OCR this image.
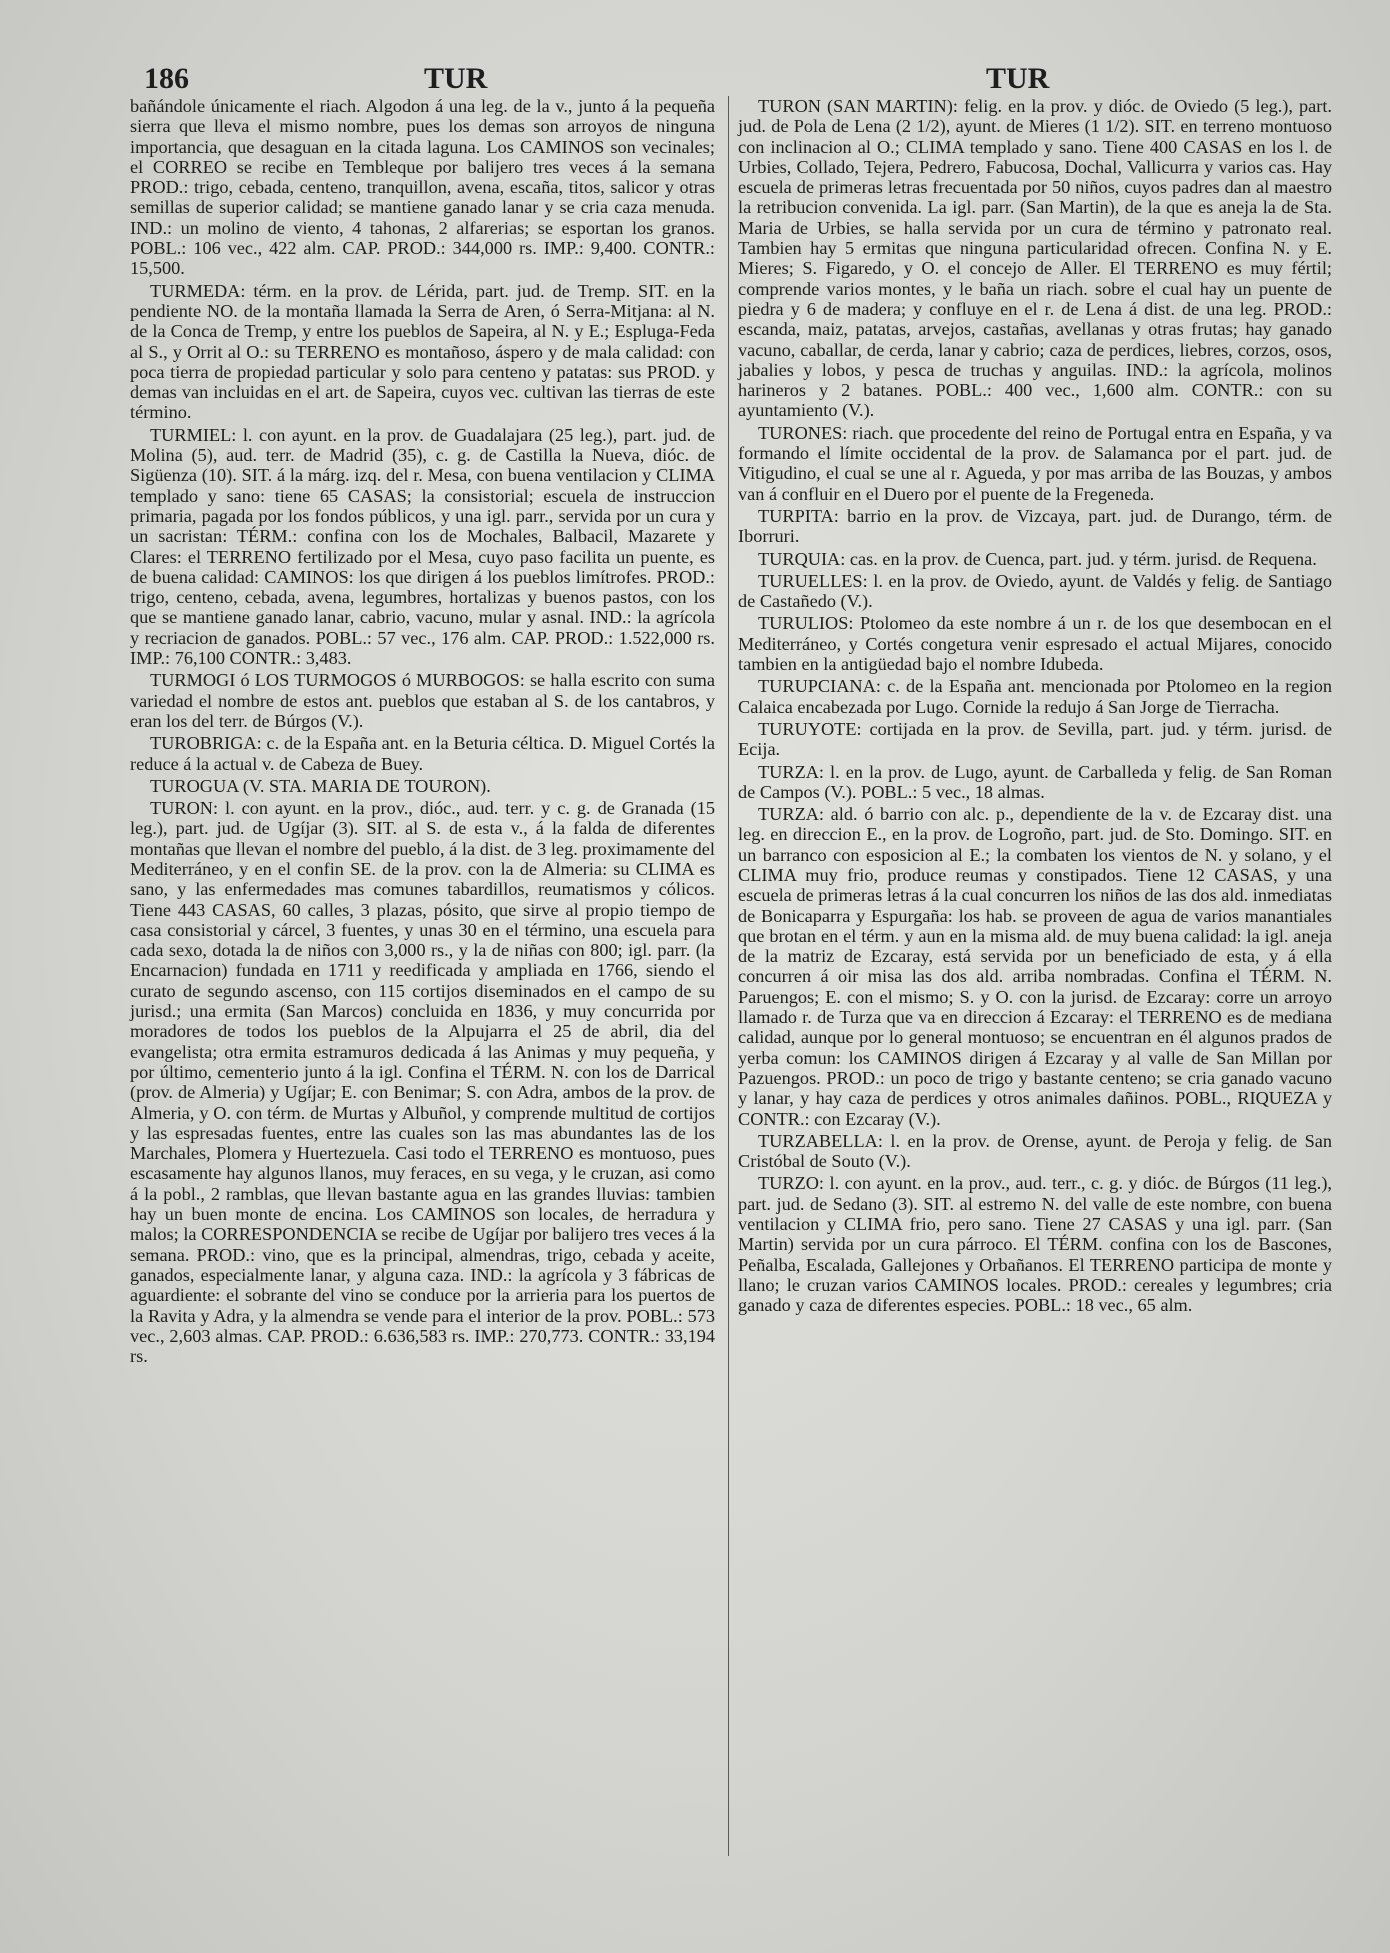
186	TUR	TUR

bañándole únicamente el riach. Algodon á una leg. de la v., junto á la pequeña sierra que lleva el mismo nombre, pues los demas son arroyos de ninguna importancia, que desaguan en la citada laguna. Los CAMINOS son vecinales; el CORREO se recibe en Tembleque por balijero tres veces á la semana PROD.: trigo, cebada, centeno, tranquillon, avena, escaña, titos, salicor y otras semillas de superior calidad; se mantiene ganado lanar y se cria caza menuda. IND.: un molino de viento, 4 tahonas, 2 alfarerias; se esportan los granos. POBL.: 106 vec., 422 alm. CAP. PROD.: 344,000 rs. IMP.: 9,400. CONTR.: 15,500.

TURMEDA: térm. en la prov. de Lérida, part. jud. de Tremp. SIT. en la pendiente NO. de la montaña llamada la Serra de Aren, ó Serra-Mitjana: al N. de la Conca de Tremp, y entre los pueblos de Sapeira, al N. y E.; Espluga-Feda al S., y Orrit al O.: su TERRENO es montañoso, áspero y de mala calidad: con poca tierra de propiedad particular y solo para centeno y patatas: sus PROD. y demas van incluidas en el art. de Sapeira, cuyos vec. cultivan las tierras de este término.

TURMIEL: l. con ayunt. en la prov. de Guadalajara (25 leg.), part. jud. de Molina (5), aud. terr. de Madrid (35), c. g. de Castilla la Nueva, dióc. de Sigüenza (10). SIT. á la márg. izq. del r. Mesa, con buena ventilacion y CLIMA templado y sano: tiene 65 CASAS; la consistorial; escuela de instruccion primaria, pagada por los fondos públicos, y una igl. parr., servida por un cura y un sacristan: TÉRM.: confina con los de Mochales, Balbacil, Mazarete y Clares: el TERRENO fertilizado por el Mesa, cuyo paso facilita un puente, es de buena calidad: CAMINOS: los que dirigen á los pueblos limítrofes. PROD.: trigo, centeno, cebada, avena, legumbres, hortalizas y buenos pastos, con los que se mantiene ganado lanar, cabrio, vacuno, mular y asnal. IND.: la agrícola y recriacion de ganados. POBL.: 57 vec., 176 alm. CAP. PROD.: 1.522,000 rs. IMP.: 76,100 CONTR.: 3,483.

TURMOGI ó LOS TURMOGOS ó MURBOGOS: se halla escrito con suma variedad el nombre de estos ant. pueblos que estaban al S. de los cantabros, y eran los del terr. de Búrgos (V.).

TUROBRIGA: c. de la España ant. en la Beturia céltica. D. Miguel Cortés la reduce á la actual v. de Cabeza de Buey.

TUROGUA (V. STA. MARIA DE TOURON).

TURON: l. con ayunt. en la prov., dióc., aud. terr. y c. g. de Granada (15 leg.), part. jud. de Ugíjar (3). SIT. al S. de esta v., á la falda de diferentes montañas que llevan el nombre del pueblo, á la dist. de 3 leg. proximamente del Mediterráneo, y en el confin SE. de la prov. con la de Almeria: su CLIMA es sano, y las enfermedades mas comunes tabardillos, reumatismos y cólicos. Tiene 443 CASAS, 60 calles, 3 plazas, pósito, que sirve al propio tiempo de casa consistorial y cárcel, 3 fuentes, y unas 30 en el término, una escuela para cada sexo, dotada la de niños con 3,000 rs., y la de niñas con 800; igl. parr. (la Encarnacion) fundada en 1711 y reedificada y ampliada en 1766, siendo el curato de segundo ascenso, con 115 cortijos diseminados en el campo de su jurisd.; una ermita (San Marcos) concluida en 1836, y muy concurrida por moradores de todos los pueblos de la Alpujarra el 25 de abril, dia del evangelista; otra ermita estramuros dedicada á las Animas y muy pequeña, y por último, cementerio junto á la igl. Confina el TÉRM. N. con los de Darrical (prov. de Almeria) y Ugíjar; E. con Benimar; S. con Adra, ambos de la prov. de Almeria, y O. con térm. de Murtas y Albuñol, y comprende multitud de cortijos y las espresadas fuentes, entre las cuales son las mas abundantes las de los Marchales, Plomera y Huertezuela. Casi todo el TERRENO es montuoso, pues escasamente hay algunos llanos, muy feraces, en su vega, y le cruzan, asi como á la pobl., 2 ramblas, que llevan bastante agua en las grandes lluvias: tambien hay un buen monte de encina. Los CAMINOS son locales, de herradura y malos; la CORRESPONDENCIA se recibe de Ugíjar por balijero tres veces á la semana. PROD.: vino, que es la principal, almendras, trigo, cebada y aceite, ganados, especialmente lanar, y alguna caza. IND.: la agrícola y 3 fábricas de aguardiente: el sobrante del vino se conduce por la arrieria para los puertos de la Ravita y Adra, y la almendra se vende para el interior de la prov. POBL.: 573 vec., 2,603 almas. CAP. PROD.: 6.636,583 rs. IMP.: 270,773. CONTR.: 33,194 rs.

TURON (SAN MARTIN): felig. en la prov. y dióc. de Oviedo (5 leg.), part. jud. de Pola de Lena (2 1/2), ayunt. de Mieres (1 1/2). SIT. en terreno montuoso con inclinacion al O.; CLIMA templado y sano. Tiene 400 CASAS en los l. de Urbies, Collado, Tejera, Pedrero, Fabucosa, Dochal, Vallicurra y varios cas. Hay escuela de primeras letras frecuentada por 50 niños, cuyos padres dan al maestro la retribucion convenida. La igl. parr. (San Martin), de la que es aneja la de Sta. Maria de Urbies, se halla servida por un cura de término y patronato real. Tambien hay 5 ermitas que ninguna particularidad ofrecen. Confina N. y E. Mieres; S. Figaredo, y O. el concejo de Aller. El TERRENO es muy fértil; comprende varios montes, y le baña un riach. sobre el cual hay un puente de piedra y 6 de madera; y confluye en el r. de Lena á dist. de una leg. PROD.: escanda, maiz, patatas, arvejos, castañas, avellanas y otras frutas; hay ganado vacuno, caballar, de cerda, lanar y cabrio; caza de perdices, liebres, corzos, osos, jabalies y lobos, y pesca de truchas y anguilas. IND.: la agrícola, molinos harineros y 2 batanes. POBL.: 400 vec., 1,600 alm. CONTR.: con su ayuntamiento (V.).

TURONES: riach. que procedente del reino de Portugal entra en España, y va formando el límite occidental de la prov. de Salamanca por el part. jud. de Vitigudino, el cual se une al r. Agueda, y por mas arriba de las Bouzas, y ambos van á confluir en el Duero por el puente de la Fregeneda.

TURPITA: barrio en la prov. de Vizcaya, part. jud. de Durango, térm. de Iborruri.

TURQUIA: cas. en la prov. de Cuenca, part. jud. y térm. jurisd. de Requena.

TURUELLES: l. en la prov. de Oviedo, ayunt. de Valdés y felig. de Santiago de Castañedo (V.).

TURULIOS: Ptolomeo da este nombre á un r. de los que desembocan en el Mediterráneo, y Cortés congetura venir espresado el actual Mijares, conocido tambien en la antigüedad bajo el nombre Idubeda.

TURUPCIANA: c. de la España ant. mencionada por Ptolomeo en la region Calaica encabezada por Lugo. Cornide la redujo á San Jorge de Tierracha.

TURUYOTE: cortijada en la prov. de Sevilla, part. jud. y térm. jurisd. de Ecija.

TURZA: l. en la prov. de Lugo, ayunt. de Carballeda y felig. de San Roman de Campos (V.). POBL.: 5 vec., 18 almas.

TURZA: ald. ó barrio con alc. p., dependiente de la v. de Ezcaray dist. una leg. en direccion E., en la prov. de Logroño, part. jud. de Sto. Domingo. SIT. en un barranco con esposicion al E.; la combaten los vientos de N. y solano, y el CLIMA muy frio, produce reumas y constipados. Tiene 12 CASAS, y una escuela de primeras letras á la cual concurren los niños de las dos ald. inmediatas de Bonicaparra y Espurgaña: los hab. se proveen de agua de varios manantiales que brotan en el térm. y aun en la misma ald. de muy buena calidad: la igl. aneja de la matriz de Ezcaray, está servida por un beneficiado de esta, y á ella concurren á oir misa las dos ald. arriba nombradas. Confina el TÉRM. N. Paruengos; E. con el mismo; S. y O. con la jurisd. de Ezcaray: corre un arroyo llamado r. de Turza que va en direccion á Ezcaray: el TERRENO es de mediana calidad, aunque por lo general montuoso; se encuentran en él algunos prados de yerba comun: los CAMINOS dirigen á Ezcaray y al valle de San Millan por Pazuengos. PROD.: un poco de trigo y bastante centeno; se cria ganado vacuno y lanar, y hay caza de perdices y otros animales dañinos. POBL., RIQUEZA y CONTR.: con Ezcaray (V.).

TURZABELLA: l. en la prov. de Orense, ayunt. de Peroja y felig. de San Cristóbal de Souto (V.).

TURZO: l. con ayunt. en la prov., aud. terr., c. g. y dióc. de Búrgos (11 leg.), part. jud. de Sedano (3). SIT. al estremo N. del valle de este nombre, con buena ventilacion y CLIMA frio, pero sano. Tiene 27 CASAS y una igl. parr. (San Martin) servida por un cura párroco. El TÉRM. confina con los de Bascones, Peñalba, Escalada, Gallejones y Orbañanos. El TERRENO participa de monte y llano; le cruzan varios CAMINOS locales. PROD.: cereales y legumbres; cria ganado y caza de diferentes especies. POBL.: 18 vec., 65 alm.
